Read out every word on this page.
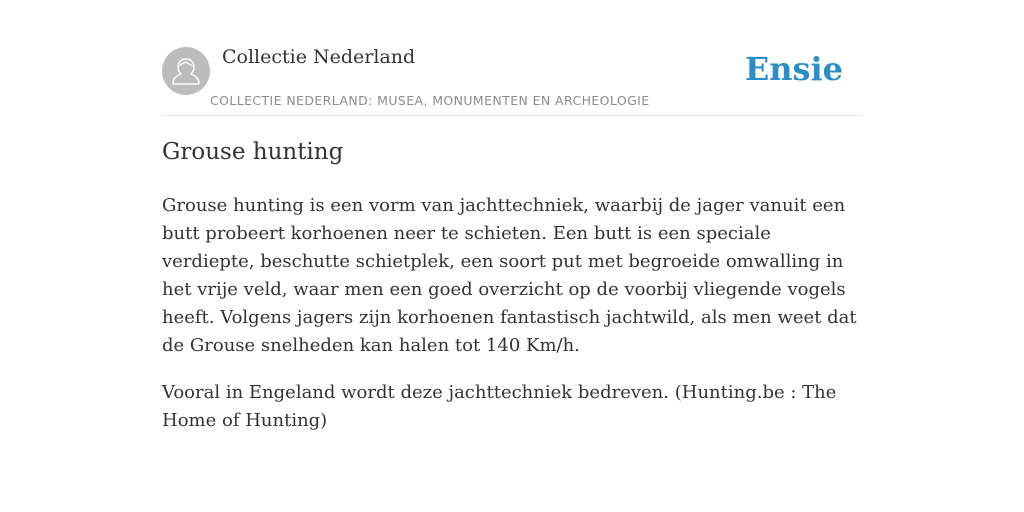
Collectie Nederland
COLLECTIE NEDERLAND: MUSEA, MONUMENTEN EN ARCHEOLOGIE
Ensie
Grouse hunting

Grouse hunting is een vorm van jachttechniek, waarbij de jager vanuit een butt probeert korhoenen neer te schieten. Een butt is een speciale verdiepte, beschutte schietplek, een soort put met begroeide omwalling in het vrije veld, waar men een goed overzicht op de voorbij vliegende vogels heeft. Volgens jagers zijn korhoenen fantastisch jachtwild, als men weet dat de Grouse snelheden kan halen tot 140 Km/h.

Vooral in Engeland wordt deze jachttechniek bedreven. (Hunting.be : The Home of Hunting)
